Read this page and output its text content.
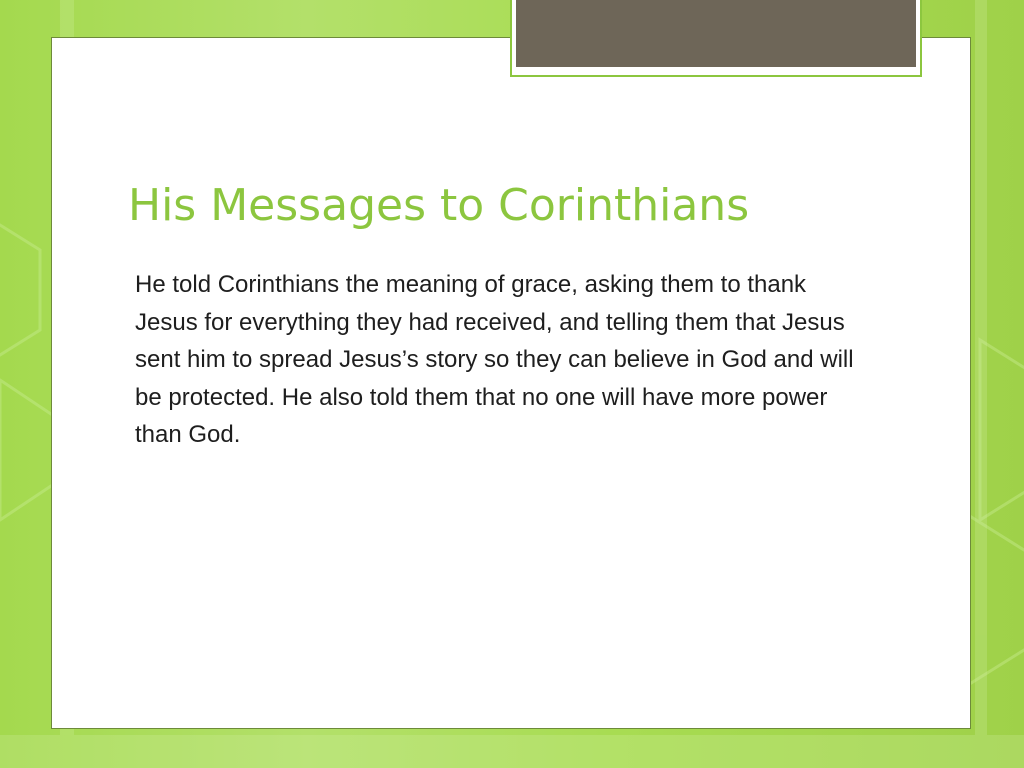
His Messages to Corinthians

He told Corinthians the meaning of grace, asking them to thank Jesus for everything they had received, and telling them that Jesus sent him to spread Jesus’s story so they can believe in God and will be protected. He also told them that no one will have more power than God.
